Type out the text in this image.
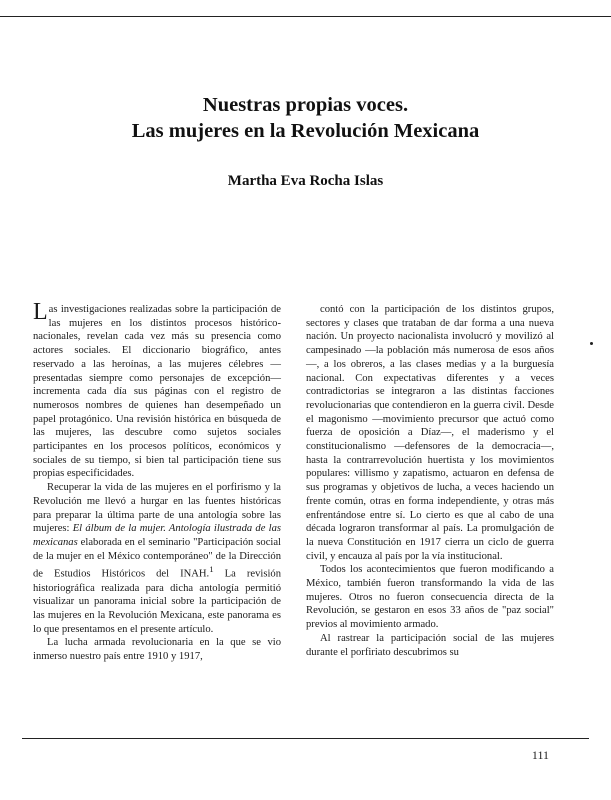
Nuestras propias voces.
Las mujeres en la Revolución Mexicana

Martha Eva Rocha Islas

Las investigaciones realizadas sobre la participación de las mujeres en los distintos procesos histórico-nacionales, revelan cada vez más su presencia como actores sociales. El diccionario biográfico, antes reservado a las heroínas, a las mujeres célebres —presentadas siempre como personajes de excepción— incrementa cada día sus páginas con el registro de numerosos nombres de quienes han desempeñado un papel protagónico. Una revisión histórica en búsqueda de las mujeres, las descubre como sujetos sociales participantes en los procesos políticos, económicos y sociales de su tiempo, si bien tal participación tiene sus propias especificidades.

Recuperar la vida de las mujeres en el porfirismo y la Revolución me llevó a hurgar en las fuentes históricas para preparar la última parte de una antología sobre las mujeres: El álbum de la mujer. Antología ilustrada de las mexicanas elaborada en el seminario "Participación social de la mujer en el México contemporáneo" de la Dirección de Estudios Históricos del INAH.$^1$ La revisión historiográfica realizada para dicha antología permitió visualizar un panorama inicial sobre la participación de las mujeres en la Revolución Mexicana, este panorama es lo que presentamos en el presente artículo.

La lucha armada revolucionaria en la que se vio inmerso nuestro país entre 1910 y 1917,

contó con la participación de los distintos grupos, sectores y clases que trataban de dar forma a una nueva nación. Un proyecto nacionalista involucró y movilizó al campesinado —la población más numerosa de esos años—, a los obreros, a las clases medias y a la burguesía nacional. Con expectativas diferentes y a veces contradictorias se integraron a las distintas facciones revolucionarias que contendieron en la guerra civil. Desde el magonismo —movimiento precursor que actuó como fuerza de oposición a Díaz—, el maderismo y el constitucionalismo —defensores de la democracia—, hasta la contrarrevolución huertista y los movimientos populares: villismo y zapatismo, actuaron en defensa de sus programas y objetivos de lucha, a veces haciendo un frente común, otras en forma independiente, y otras más enfrentándose entre sí. Lo cierto es que al cabo de una década lograron transformar al país. La promulgación de la nueva Constitución en 1917 cierra un ciclo de guerra civil, y encauza al país por la vía institucional.

Todos los acontecimientos que fueron modificando a México, también fueron transformando la vida de las mujeres. Otros no fueron consecuencia directa de la Revolución, se gestaron en esos 33 años de "paz social" previos al movimiento armado.

Al rastrear la participación social de las mujeres durante el porfiriato descubrimos su

111
